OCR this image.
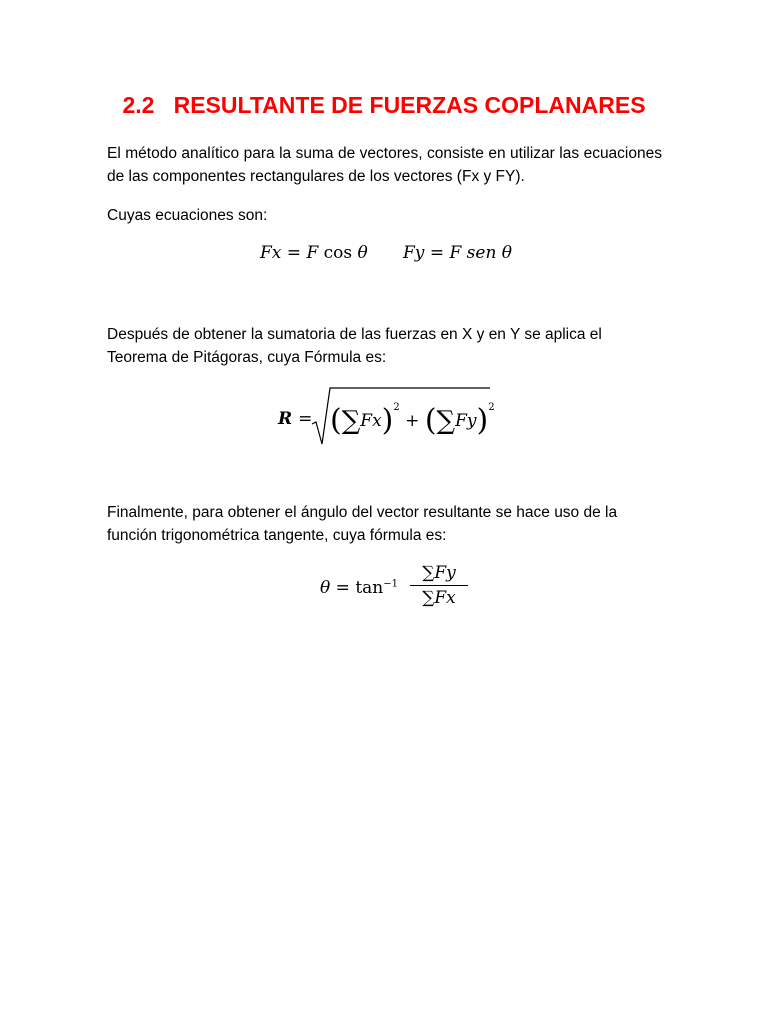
2.2   RESULTANTE DE FUERZAS COPLANARES
El método analítico para la suma de vectores, consiste en utilizar las ecuaciones de las componentes rectangulares de los vectores (Fx y FY).
Cuyas ecuaciones son:
Fx = F cos θ Fy = F sen θ
Después de obtener la sumatoria de las fuerzas en X y en Y se aplica el
Teorema de Pitágoras, cuya Fórmula es:
$R = (\sum Fx)^2 + (\sum Fy)^2$
Finalmente, para obtener el ángulo del vector resultante se hace uso de la
función trigonométrica tangente, cuya fórmula es:
$\theta = \tan^{-1}$
∑Fy
∑Fx
